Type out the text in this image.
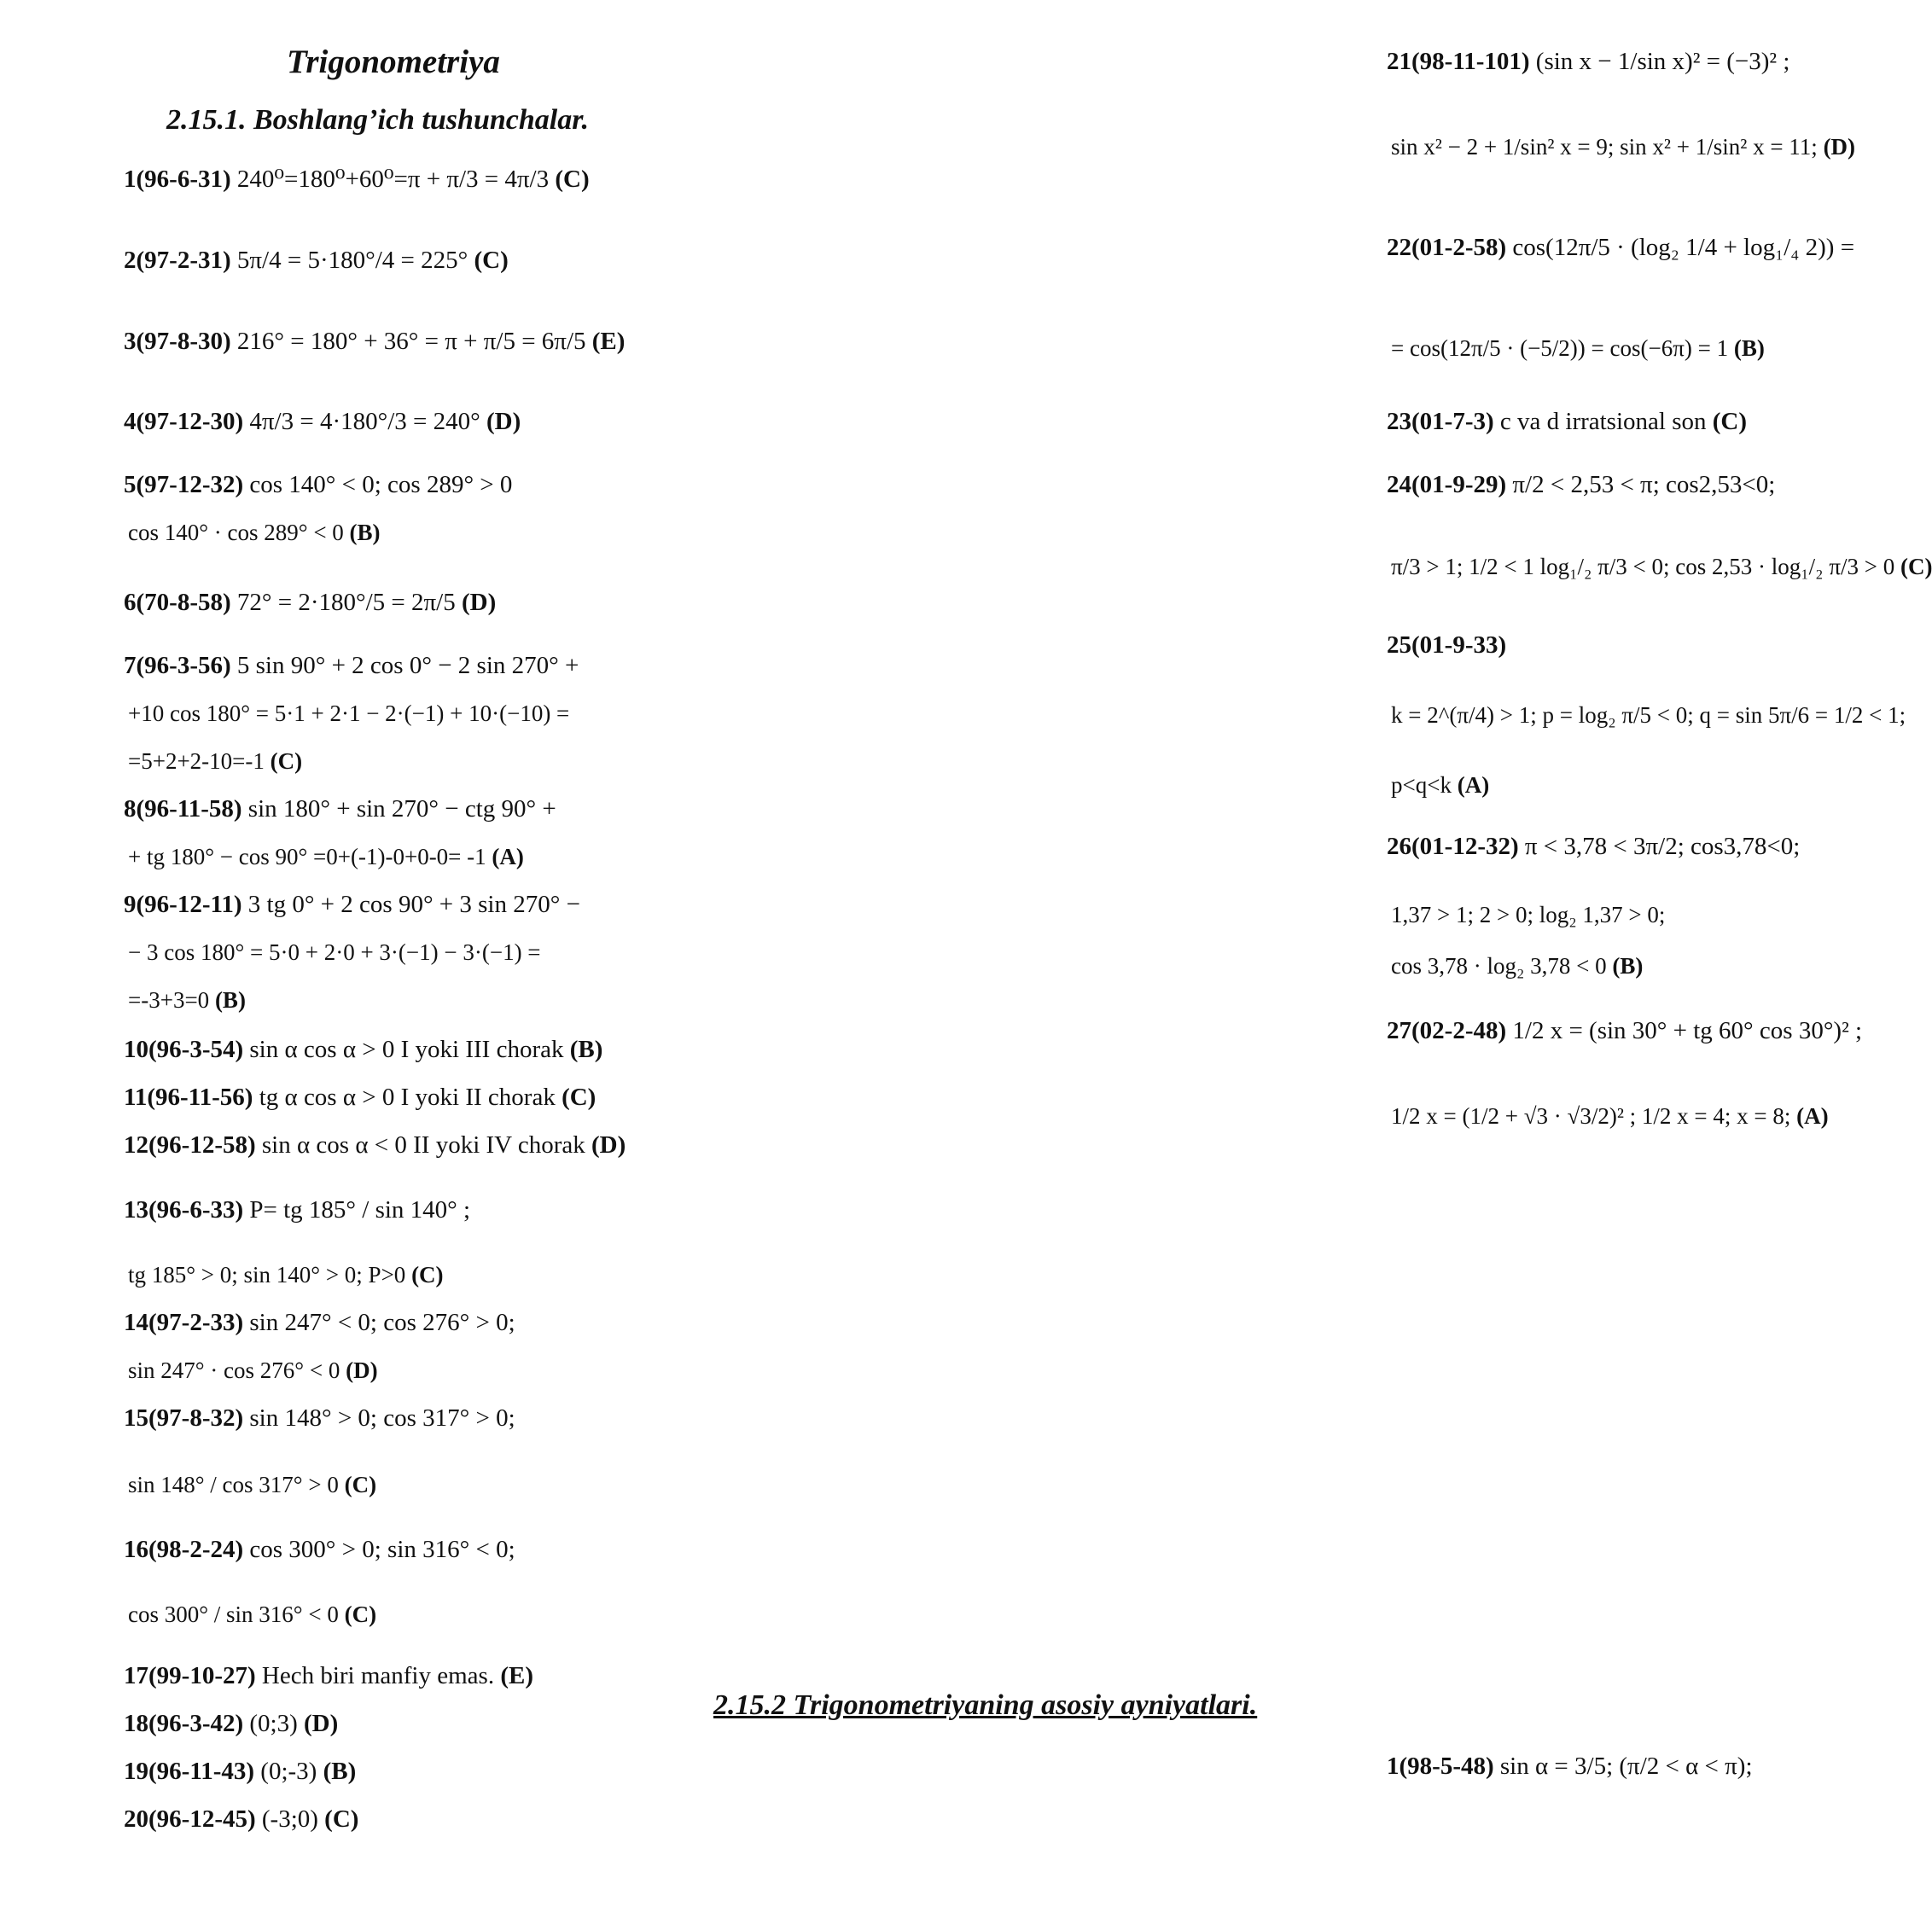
Trigonometriya
2.15.1. Boshlang’ich tushunchalar.
2.15.2 Trigonometriyaning asosiy ayniyatlari.
1(96-6-31) 240⁰=180⁰+60⁰=π + π/3 = 4π/3 (C)
2(97-2-31) 5π/4 = 5·180°/4 = 225° (C)
3(97-8-30) 216° = 180° + 36° = π + π/5 = 6π/5 (E)
4(97-12-30) 4π/3 = 4·180°/3 = 240° (D)
5(97-12-32) cos 140° < 0; cos 289° > 0
cos 140° · cos 289° < 0 (B)
6(70-8-58) 72° = 2·180°/5 = 2π/5 (D)
7(96-3-56) 5 sin 90° + 2 cos 0° − 2 sin 270° +
+10 cos 180° = 5·1 + 2·1 − 2·(−1) + 10·(−10) =
=5+2+2-10=-1 (C)
8(96-11-58) sin 180° + sin 270° − ctg 90° +
+ tg 180° − cos 90° =0+(-1)-0+0-0= -1 (A)
9(96-12-11) 3 tg 0° + 2 cos 90° + 3 sin 270° −
− 3 cos 180° = 5·0 + 2·0 + 3·(−1) − 3·(−1) =
=-3+3=0 (B)
10(96-3-54) sin α cos α > 0 I yoki III chorak (B)
11(96-11-56) tg α cos α > 0 I yoki II chorak (C)
12(96-12-58) sin α cos α < 0 II yoki IV chorak (D)
13(96-6-33) P= tg 185° / sin 140° ;
tg 185° > 0; sin 140° > 0; P>0 (C)
14(97-2-33) sin 247° < 0; cos 276° > 0;
sin 247° · cos 276° < 0 (D)
15(97-8-32) sin 148° > 0; cos 317° > 0;
sin 148° / cos 317° > 0 (C)
16(98-2-24) cos 300° > 0; sin 316° < 0;
cos 300° / sin 316° < 0 (C)
17(99-10-27) Hech biri manfiy emas. (E)
18(96-3-42) (0;3) (D)
19(96-11-43) (0;-3) (B)
20(96-12-45) (-3;0) (C)
21(98-11-101) (sin x − 1/sin x)² = (−3)² ;
sin x² − 2 + 1/sin² x = 9; sin x² + 1/sin² x = 11; (D)
22(01-2-58) cos(12π/5 · (log₂ 1/4 + log₁/₄ 2)) =
= cos(12π/5 · (−5/2)) = cos(−6π) = 1 (B)
23(01-7-3) c va d irratsional son (C)
24(01-9-29) π/2 < 2,53 < π; cos2,53<0;
π/3 > 1; 1/2 < 1 log₁/₂ π/3 < 0; cos 2,53 · log₁/₂ π/3 > 0 (C)
25(01-9-33)
k = 2^(π/4) > 1; p = log₂ π/5 < 0; q = sin 5π/6 = 1/2 < 1;
p<q<k (A)
26(01-12-32) π < 3,78 < 3π/2; cos3,78<0;
1,37 > 1; 2 > 0; log₂ 1,37 > 0;
cos 3,78 · log₂ 3,78 < 0 (B)
27(02-2-48) 1/2 x = (sin 30° + tg 60° cos 30°)² ;
1/2 x = (1/2 + √3 · √3/2)² ; 1/2 x = 4; x = 8; (A)
1(98-5-48) sin α = 3/5; (π/2 < α < π);
